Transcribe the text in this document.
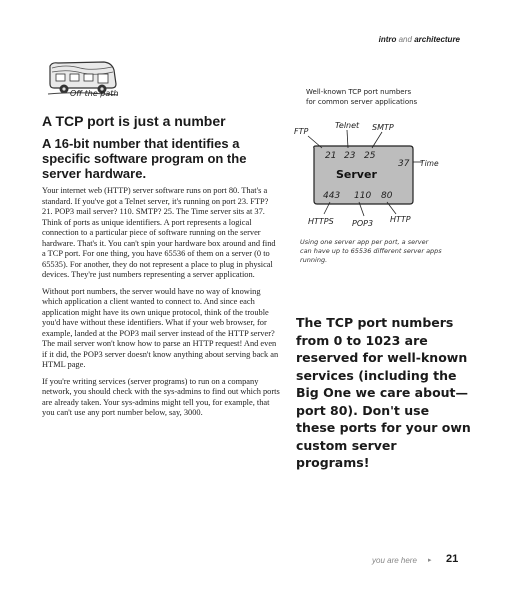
intro and architecture
Off the path
A TCP port is just a number
A 16-bit number that identifies a specific software program on the server hardware.

Your internet web (HTTP) server software runs on port 80. That's a standard. If you've got a Telnet server, it's running on port 23. FTP? 21. POP3 mail server? 110. SMTP? 25. The Time server sits at 37. Think of ports as unique identifiers. A port represents a logical connection to a particular piece of software running on the server hardware. That's it. You can't spin your hardware box around and find a TCP port. For one thing, you have 65536 of them on a server (0 to 65535). For another, they do not represent a place to plug in physical devices. They're just numbers representing a server application.

Without port numbers, the server would have no way of knowing which application a client wanted to connect to. And since each application might have its own unique protocol, think of the trouble you'd have without these identifiers. What if your web browser, for example, landed at the POP3 mail server instead of the HTTP server? The mail server won't know how to parse an HTTP request! And even if it did, the POP3 server doesn't know anything about serving back an HTML page.

If you're writing services (server programs) to run on a company network, you should check with the sys-admins to find out which ports are already taken. Your sys-admins might tell you, for example, that you can't use any port number below, say, 3000.

Well-known TCP port numbers
for common server applications
FTP
Telnet SMTP
Time
21 23 25
37
Server
443 110 80
HTTPS POP3 HTTP
Using one server app per port, a server can have up to 65536 different server apps running.
The TCP port numbers from 0 to 1023 are reserved for well-known services (including the Big One we care about—port 80). Don't use these ports for your own custom server programs!
you are here ▸ 21
